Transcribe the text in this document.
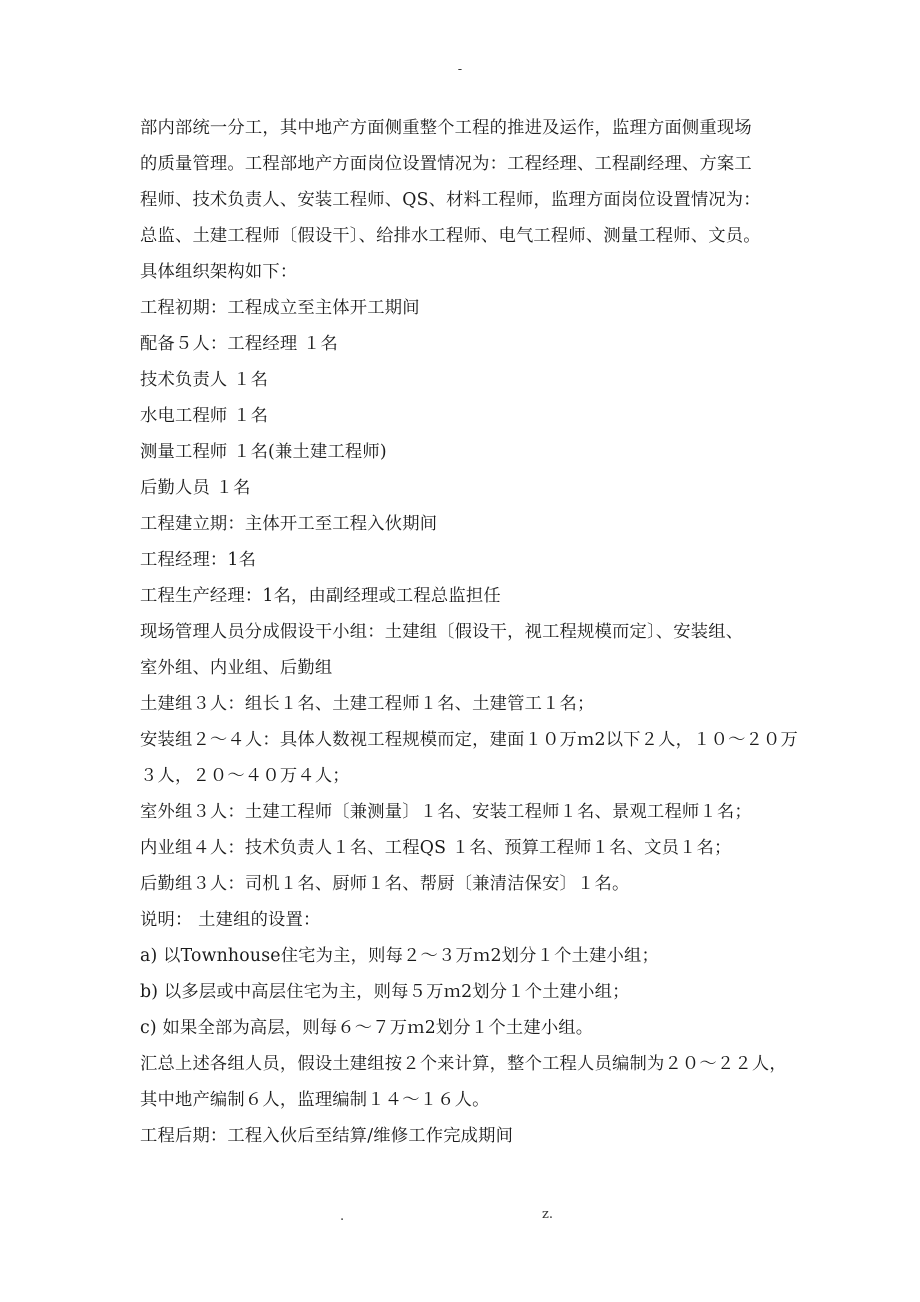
-
部内部统一分工，其中地产方面侧重整个工程的推进及运作，监理方面侧重现场
的质量管理。工程部地产方面岗位设置情况为：工程经理、工程副经理、方案工
程师、技术负责人、安装工程师、QS、材料工程师，监理方面岗位设置情况为：
总监、土建工程师〔假设干〕、给排水工程师、电气工程师、测量工程师、文员。
具体组织架构如下：
工程初期：工程成立至主体开工期间
配备５人：工程经理 １名
技术负责人 １名
水电工程师 １名
测量工程师 １名(兼土建工程师)
后勤人员 １名
工程建立期：主体开工至工程入伙期间
工程经理：1名
工程生产经理：1名，由副经理或工程总监担任
现场管理人员分成假设干小组：土建组〔假设干，视工程规模而定〕、安装组、
室外组、内业组、后勤组
土建组３人：组长１名、土建工程师１名、土建管工１名；
安装组２～４人：具体人数视工程规模而定，建面１０万ｍ2以下２人，１０～２０万
３人，２０～４０万４人；
室外组３人：土建工程师〔兼测量〕１名、安装工程师１名、景观工程师１名；
内业组４人：技术负责人１名、工程QS １名、预算工程师１名、文员１名；
后勤组３人：司机１名、厨师１名、帮厨〔兼清洁保安〕１名。
说明： 土建组的设置：
a) 以Townhouse住宅为主，则每２～３万ｍ2划分１个土建小组；
b) 以多层或中高层住宅为主，则每５万ｍ2划分１个土建小组；
c) 如果全部为高层，则每６～７万ｍ2划分１个土建小组。
汇总上述各组人员，假设土建组按２个来计算，整个工程人员编制为２０～２２人，
其中地产编制６人，监理编制１４～１６人。
工程后期：工程入伙后至结算/维修工作完成期间
.	z.
